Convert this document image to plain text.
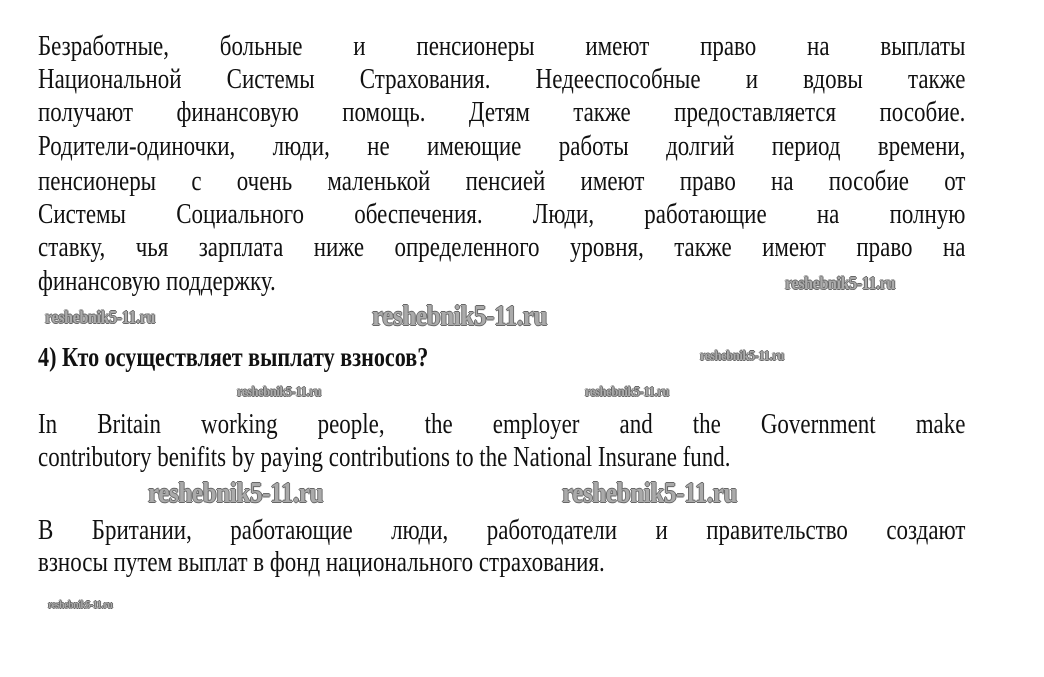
Безработные, больные и пенсионеры имеют право на выплаты
Национальной Системы Страхования. Недееспособные и вдовы также
получают финансовую помощь. Детям также предоставляется пособие.
Родители-одиночки, люди, не имеющие работы долгий период времени,
пенсионеры с очень маленькой пенсией имеют право на пособие от
Системы Социального обеспечения. Люди, работающие на полную
ставку, чья зарплата ниже определенного уровня, также имеют право на
финансовую поддержку.
4) Кто осуществляет выплату взносов?
In Britain working people, the employer and the Government make
contributory benifits by paying contributions to the National Insurane fund.
В Британии, работающие люди, работодатели и правительство создают
взносы путем выплат в фонд национального страхования.
reshebnik5-11.ru
reshebnik5-11.ru	reshebnik5-11.ru
reshebnik5-11.ru
reshebnik5-11.ru
reshebnik5-11.ru
reshebnik5-11.ru
reshebnik5-11.ru	reshebnik5-11.ru
